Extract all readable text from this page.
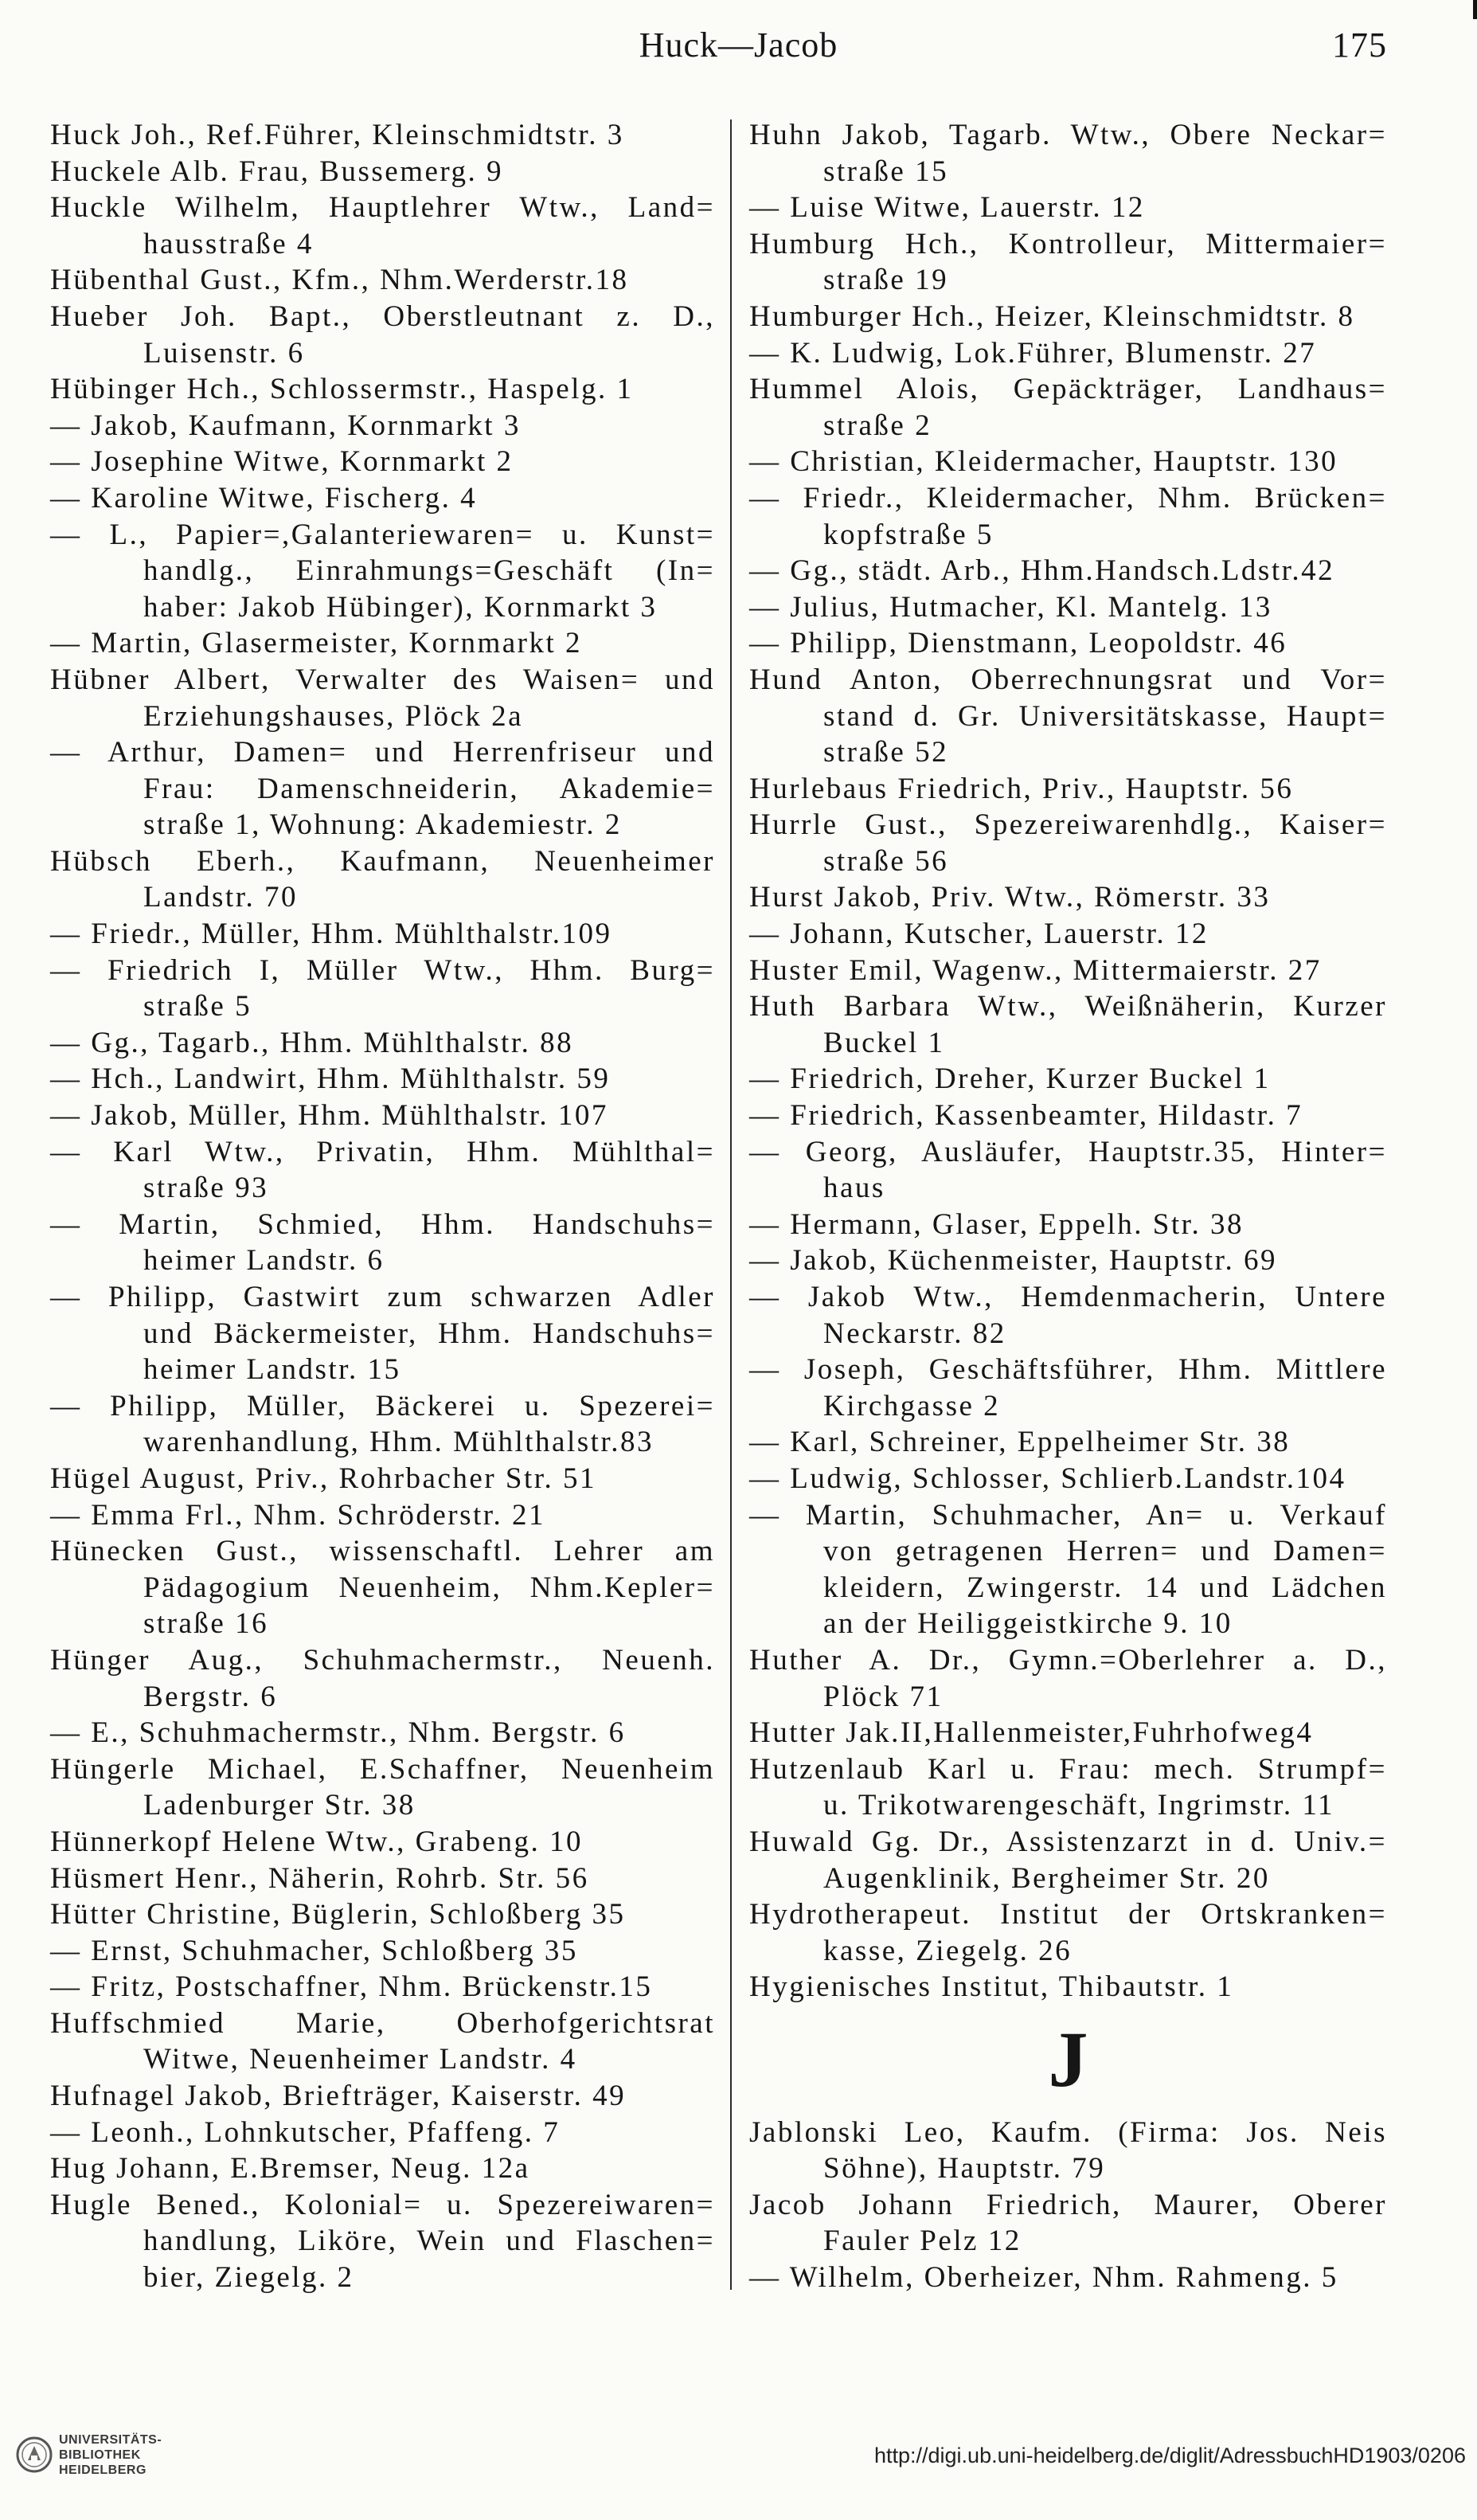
Huck—Jacob	175
Huck Joh., Ref.Führer, Kleinschmidtstr. 3
Huckele Alb. Frau, Bussemerg. 9
Huckle Wilhelm, Hauptlehrer Wtw., Land=
hausstraße 4
Hübenthal Gust., Kfm., Nhm.Werderstr.18
Hueber Joh. Bapt., Oberstleutnant z. D.,
Luisenstr. 6
Hübinger Hch., Schlossermstr., Haspelg. 1
— Jakob, Kaufmann, Kornmarkt 3
— Josephine Witwe, Kornmarkt 2
— Karoline Witwe, Fischerg. 4
— L., Papier=,Galanteriewaren= u. Kunst=
handlg., Einrahmungs=Geschäft (In=
haber: Jakob Hübinger), Kornmarkt 3
— Martin, Glasermeister, Kornmarkt 2
Hübner Albert, Verwalter des Waisen= und
Erziehungshauses, Plöck 2a
— Arthur, Damen= und Herrenfriseur und
Frau: Damenschneiderin, Akademie=
straße 1, Wohnung: Akademiestr. 2
Hübsch Eberh., Kaufmann, Neuenheimer
Landstr. 70
— Friedr., Müller, Hhm. Mühlthalstr.109
— Friedrich I, Müller Wtw., Hhm. Burg=
straße 5
— Gg., Tagarb., Hhm. Mühlthalstr. 88
— Hch., Landwirt, Hhm. Mühlthalstr. 59
— Jakob, Müller, Hhm. Mühlthalstr. 107
— Karl Wtw., Privatin, Hhm. Mühlthal=
straße 93
— Martin, Schmied, Hhm. Handschuhs=
heimer Landstr. 6
— Philipp, Gastwirt zum schwarzen Adler
und Bäckermeister, Hhm. Handschuhs=
heimer Landstr. 15
— Philipp, Müller, Bäckerei u. Spezerei=
warenhandlung, Hhm. Mühlthalstr.83
Hügel August, Priv., Rohrbacher Str. 51
— Emma Frl., Nhm. Schröderstr. 21
Hünecken Gust., wissenschaftl. Lehrer am
Pädagogium Neuenheim, Nhm.Kepler=
straße 16
Hünger Aug., Schuhmachermstr., Neuenh.
Bergstr. 6
— E., Schuhmachermstr., Nhm. Bergstr. 6
Hüngerle Michael, E.Schaffner, Neuenheim
Ladenburger Str. 38
Hünnerkopf Helene Wtw., Grabeng. 10
Hüsmert Henr., Näherin, Rohrb. Str. 56
Hütter Christine, Büglerin, Schloßberg 35
— Ernst, Schuhmacher, Schloßberg 35
— Fritz, Postschaffner, Nhm. Brückenstr.15
Huffschmied Marie, Oberhofgerichtsrat
Witwe, Neuenheimer Landstr. 4
Hufnagel Jakob, Briefträger, Kaiserstr. 49
— Leonh., Lohnkutscher, Pfaffeng. 7
Hug Johann, E.Bremser, Neug. 12a
Hugle Bened., Kolonial= u. Spezereiwaren=
handlung, Liköre, Wein und Flaschen=
bier, Ziegelg. 2
Huhn Jakob, Tagarb. Wtw., Obere Neckar=
straße 15
— Luise Witwe, Lauerstr. 12
Humburg Hch., Kontrolleur, Mittermaier=
straße 19
Humburger Hch., Heizer, Kleinschmidtstr. 8
— K. Ludwig, Lok.Führer, Blumenstr. 27
Hummel Alois, Gepäckträger, Landhaus=
straße 2
— Christian, Kleidermacher, Hauptstr. 130
— Friedr., Kleidermacher, Nhm. Brücken=
kopfstraße 5
— Gg., städt. Arb., Hhm.Handsch.Ldstr.42
— Julius, Hutmacher, Kl. Mantelg. 13
— Philipp, Dienstmann, Leopoldstr. 46
Hund Anton, Oberrechnungsrat und Vor=
stand d. Gr. Universitätskasse, Haupt=
straße 52
Hurlebaus Friedrich, Priv., Hauptstr. 56
Hurrle Gust., Spezereiwarenhdlg., Kaiser=
straße 56
Hurst Jakob, Priv. Wtw., Römerstr. 33
— Johann, Kutscher, Lauerstr. 12
Huster Emil, Wagenw., Mittermaierstr. 27
Huth Barbara Wtw., Weißnäherin, Kurzer
Buckel 1
— Friedrich, Dreher, Kurzer Buckel 1
— Friedrich, Kassenbeamter, Hildastr. 7
— Georg, Ausläufer, Hauptstr.35, Hinter=
haus
— Hermann, Glaser, Eppelh. Str. 38
— Jakob, Küchenmeister, Hauptstr. 69
— Jakob Wtw., Hemdenmacherin, Untere
Neckarstr. 82
— Joseph, Geschäftsführer, Hhm. Mittlere
Kirchgasse 2
— Karl, Schreiner, Eppelheimer Str. 38
— Ludwig, Schlosser, Schlierb.Landstr.104
— Martin, Schuhmacher, An= u. Verkauf
von getragenen Herren= und Damen=
kleidern, Zwingerstr. 14 und Lädchen
an der Heiliggeistkirche 9. 10
Huther A. Dr., Gymn.=Oberlehrer a. D.,
Plöck 71
Hutter Jak.II,Hallenmeister,Fuhrhofweg4
Hutzenlaub Karl u. Frau: mech. Strumpf=
u. Trikotwarengeschäft, Ingrimstr. 11
Huwald Gg. Dr., Assistenzarzt in d. Univ.=
Augenklinik, Bergheimer Str. 20
Hydrotherapeut. Institut der Ortskranken=
kasse, Ziegelg. 26
Hygienisches Institut, Thibautstr. 1
J
Jablonski Leo, Kaufm. (Firma: Jos. Neis
Söhne), Hauptstr. 79
Jacob Johann Friedrich, Maurer, Oberer
Fauler Pelz 12
— Wilhelm, Oberheizer, Nhm. Rahmeng. 5
UNIVERSITÄTS-
BIBLIOTHEK
HEIDELBERG
http://digi.ub.uni-heidelberg.de/diglit/AdressbuchHD1903/0206
